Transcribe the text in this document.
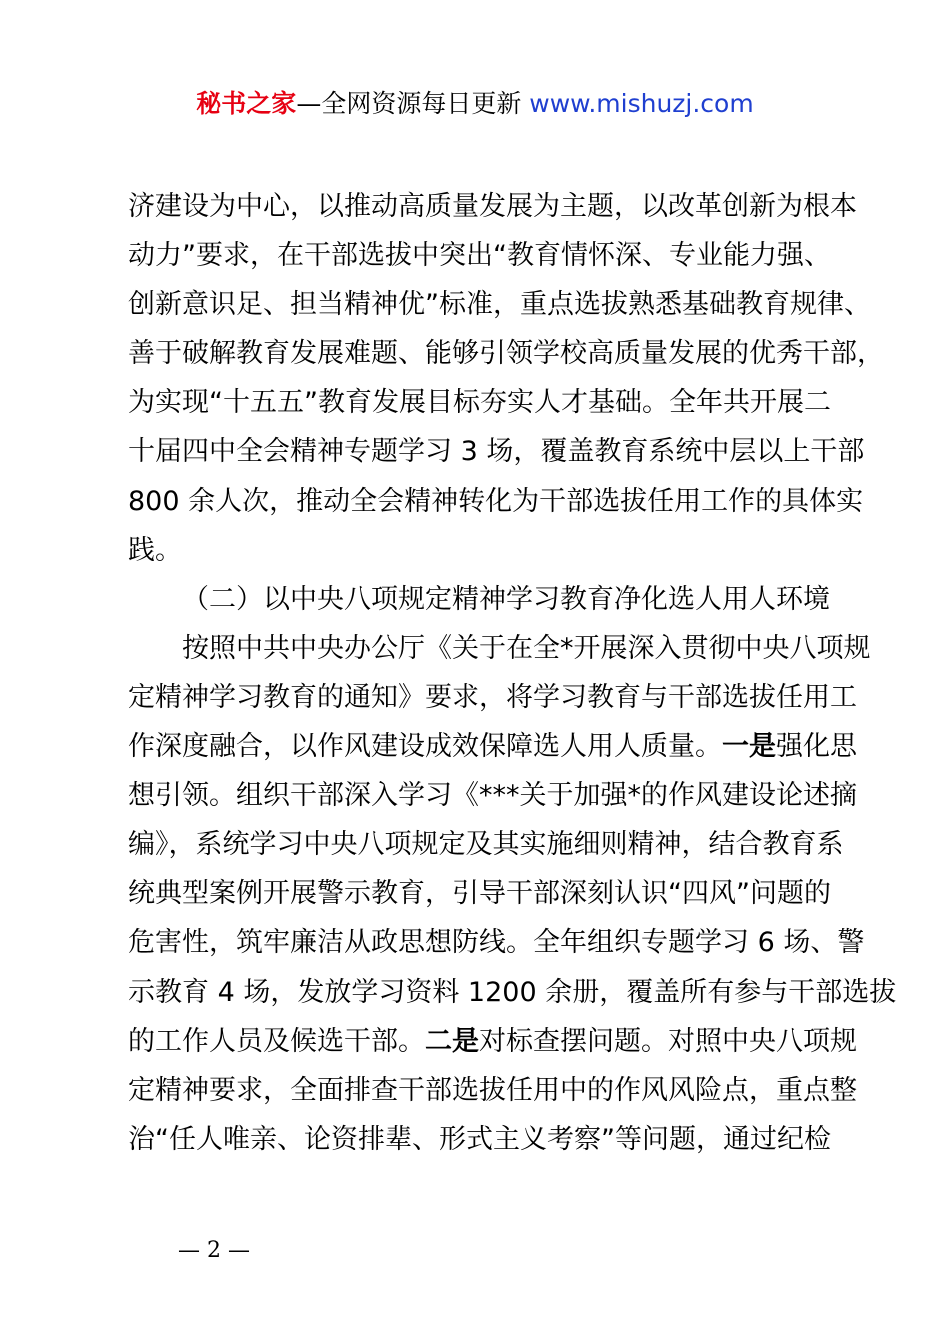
秘书之家—全网资源每日更新 www.mishuzj.com
济建设为中心，以推动高质量发展为主题，以改革创新为根本
动力”要求，在干部选拔中突出“教育情怀深、专业能力强、
创新意识足、担当精神优”标准，重点选拔熟悉基础教育规律、
善于破解教育发展难题、能够引领学校高质量发展的优秀干部，
为实现“十五五”教育发展目标夯实人才基础。全年共开展二
十届四中全会精神专题学习 3 场，覆盖教育系统中层以上干部
800 余人次，推动全会精神转化为干部选拔任用工作的具体实
践。
（二）以中央八项规定精神学习教育净化选人用人环境
按照中共中央办公厅《关于在全*开展深入贯彻中央八项规
定精神学习教育的通知》要求，将学习教育与干部选拔任用工
作深度融合，以作风建设成效保障选人用人质量。一是强化思
想引领。组织干部深入学习《***关于加强*的作风建设论述摘
编》，系统学习中央八项规定及其实施细则精神，结合教育系
统典型案例开展警示教育，引导干部深刻认识“四风”问题的
危害性，筑牢廉洁从政思想防线。全年组织专题学习 6 场、警
示教育 4 场，发放学习资料 1200 余册，覆盖所有参与干部选拔
的工作人员及候选干部。二是对标查摆问题。对照中央八项规
定精神要求，全面排查干部选拔任用中的作风风险点，重点整
治“任人唯亲、论资排辈、形式主义考察”等问题，通过纪检
— 2 —
